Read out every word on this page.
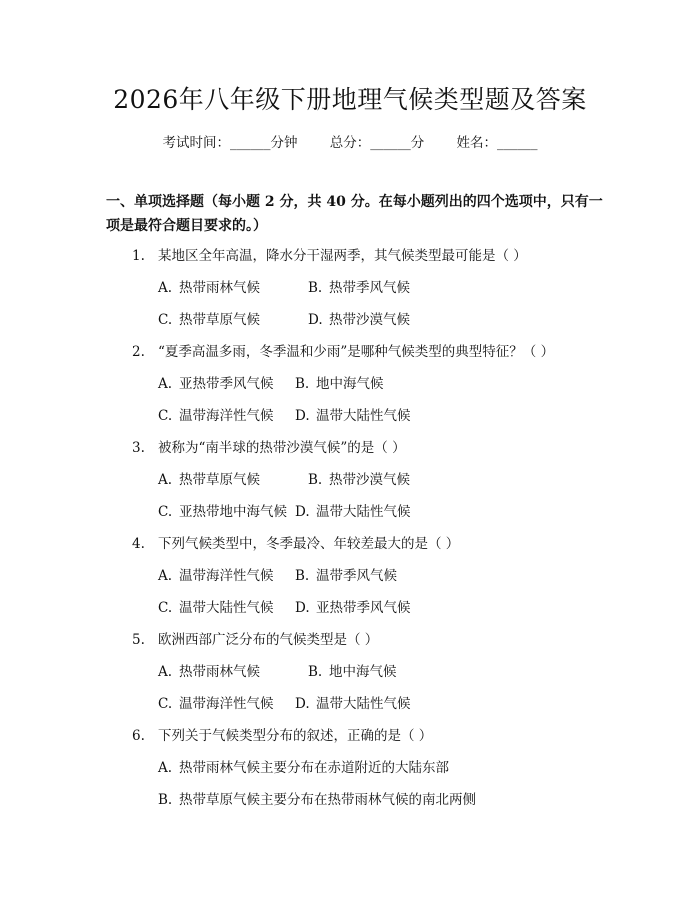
2026年八年级下册地理气候类型题及答案
考试时间：______分钟 总分：______分 姓名：______
一、单项选择题（每小题 2 分，共 40 分。在每小题列出的四个选项中，只有一项是最符合题目要求的。）
1. 某地区全年高温，降水分干湿两季，其气候类型最可能是（ ）
A. 热带雨林气候	B. 热带季风气候
C. 热带草原气候	D. 热带沙漠气候
2. “夏季高温多雨，冬季温和少雨”是哪种气候类型的典型特征？（ ）
A. 亚热带季风气候 B. 地中海气候
C. 温带海洋性气候 D. 温带大陆性气候
3. 被称为“南半球的热带沙漠气候”的是（ ）
A. 热带草原气候	B. 热带沙漠气候
C. 亚热带地中海气候 D. 温带大陆性气候
4. 下列气候类型中，冬季最冷、年较差最大的是（ ）
A. 温带海洋性气候 B. 温带季风气候
C. 温带大陆性气候 D. 亚热带季风气候
5. 欧洲西部广泛分布的气候类型是（ ）
A. 热带雨林气候	B. 地中海气候
C. 温带海洋性气候 D. 温带大陆性气候
6. 下列关于气候类型分布的叙述，正确的是（ ）
A. 热带雨林气候主要分布在赤道附近的大陆东部
B. 热带草原气候主要分布在热带雨林气候的南北两侧
